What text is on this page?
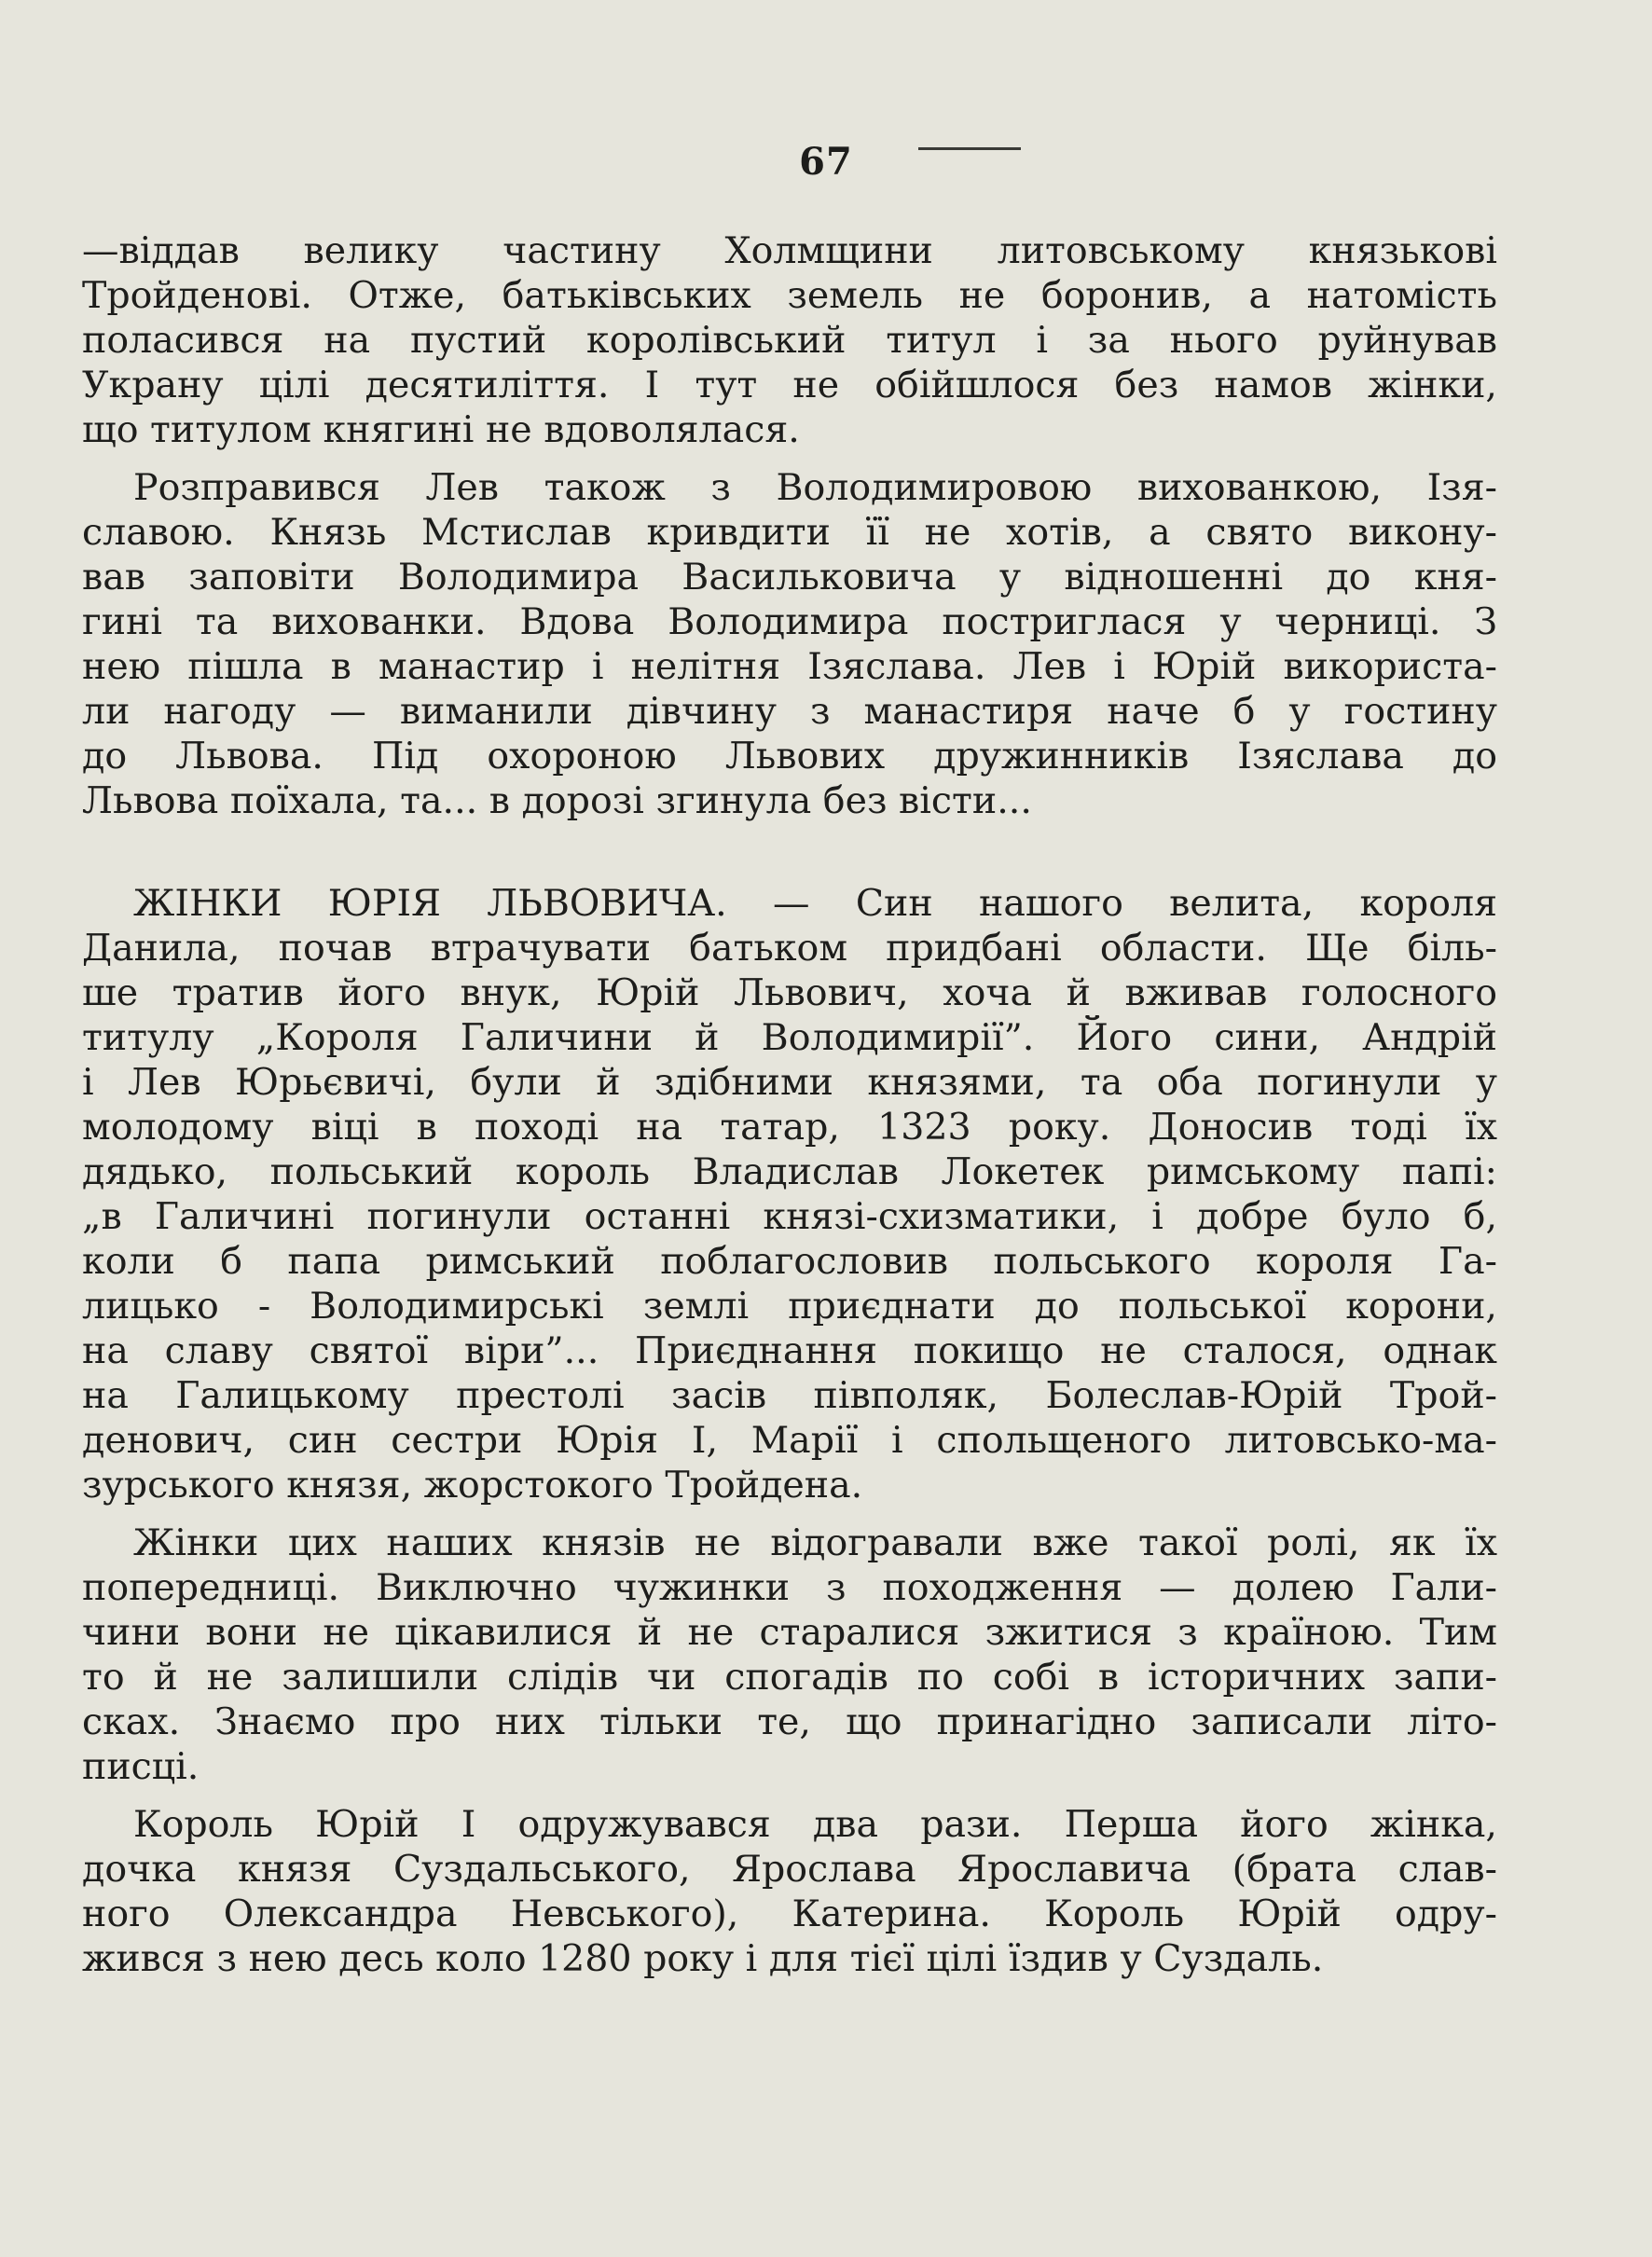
67
—віддав велику частину Холмщини литовському князькові
Тройденові. Отже, батьківських земель не боронив, а натомість
поласився на пустий королівський титул і за нього руйнував
Украну цілі десятиліття. І тут не обійшлося без намов жінки,
що титулом княгині не вдоволялася.
Розправився Лев також з Володимировою вихованкою, Ізя-
славою. Князь Мстислав кривдити її не хотів, а свято викону-
вав заповіти Володимира Васильковича у відношенні до кня-
гині та вихованки. Вдова Володимира постриглася у черниці. З
нею пішла в манастир і нелітня Ізяслава. Лев і Юрій використа-
ли нагоду — виманили дівчину з манастиря наче б у гостину
до Львова. Під охороною Львових дружинників Ізяслава до
Львова поїхала, та... в дорозі згинула без вісти...
ЖІНКИ ЮРІЯ ЛЬВОВИЧА. — Син нашого велита, короля
Данила, почав втрачувати батьком придбані области. Ще біль-
ше тратив його внук, Юрій Львович, хоча й вживав голосного
титулу „Короля Галичини й Володимирії”. Його сини, Андрій
і Лев Юрьєвичі, були й здібними князями, та оба погинули у
молодому віці в поході на татар, 1323 року. Доносив тоді їх
дядько, польський король Владислав Локетек римському папі:
„в Галичині погинули останні князі-схизматики, і добре було б,
коли б папа римський поблагословив польського короля Га-
лицько - Володимирські землі приєднати до польської корони,
на славу святої віри”... Приєднання покищо не сталося, однак
на Галицькому престолі засів півполяк, Болеслав-Юрій Трой-
денович, син сестри Юрія І, Марії і спольщеного литовсько-ма-
зурського князя, жорстокого Тройдена.
Жінки цих наших князів не відогравали вже такої ролі, як їх
попередниці. Виключно чужинки з походження — долею Гали-
чини вони не цікавилися й не старалися зжитися з країною. Тим
то й не залишили слідів чи спогадів по собі в історичних запи-
сках. Знаємо про них тільки те, що принагідно записали літо-
писці.
Король Юрій І одружувався два рази. Перша його жінка,
дочка князя Суздальського, Ярослава Ярославича (брата слав-
ного Олександра Невського), Катерина. Король Юрій одру-
жився з нею десь коло 1280 року і для тієї цілі їздив у Суздаль.
